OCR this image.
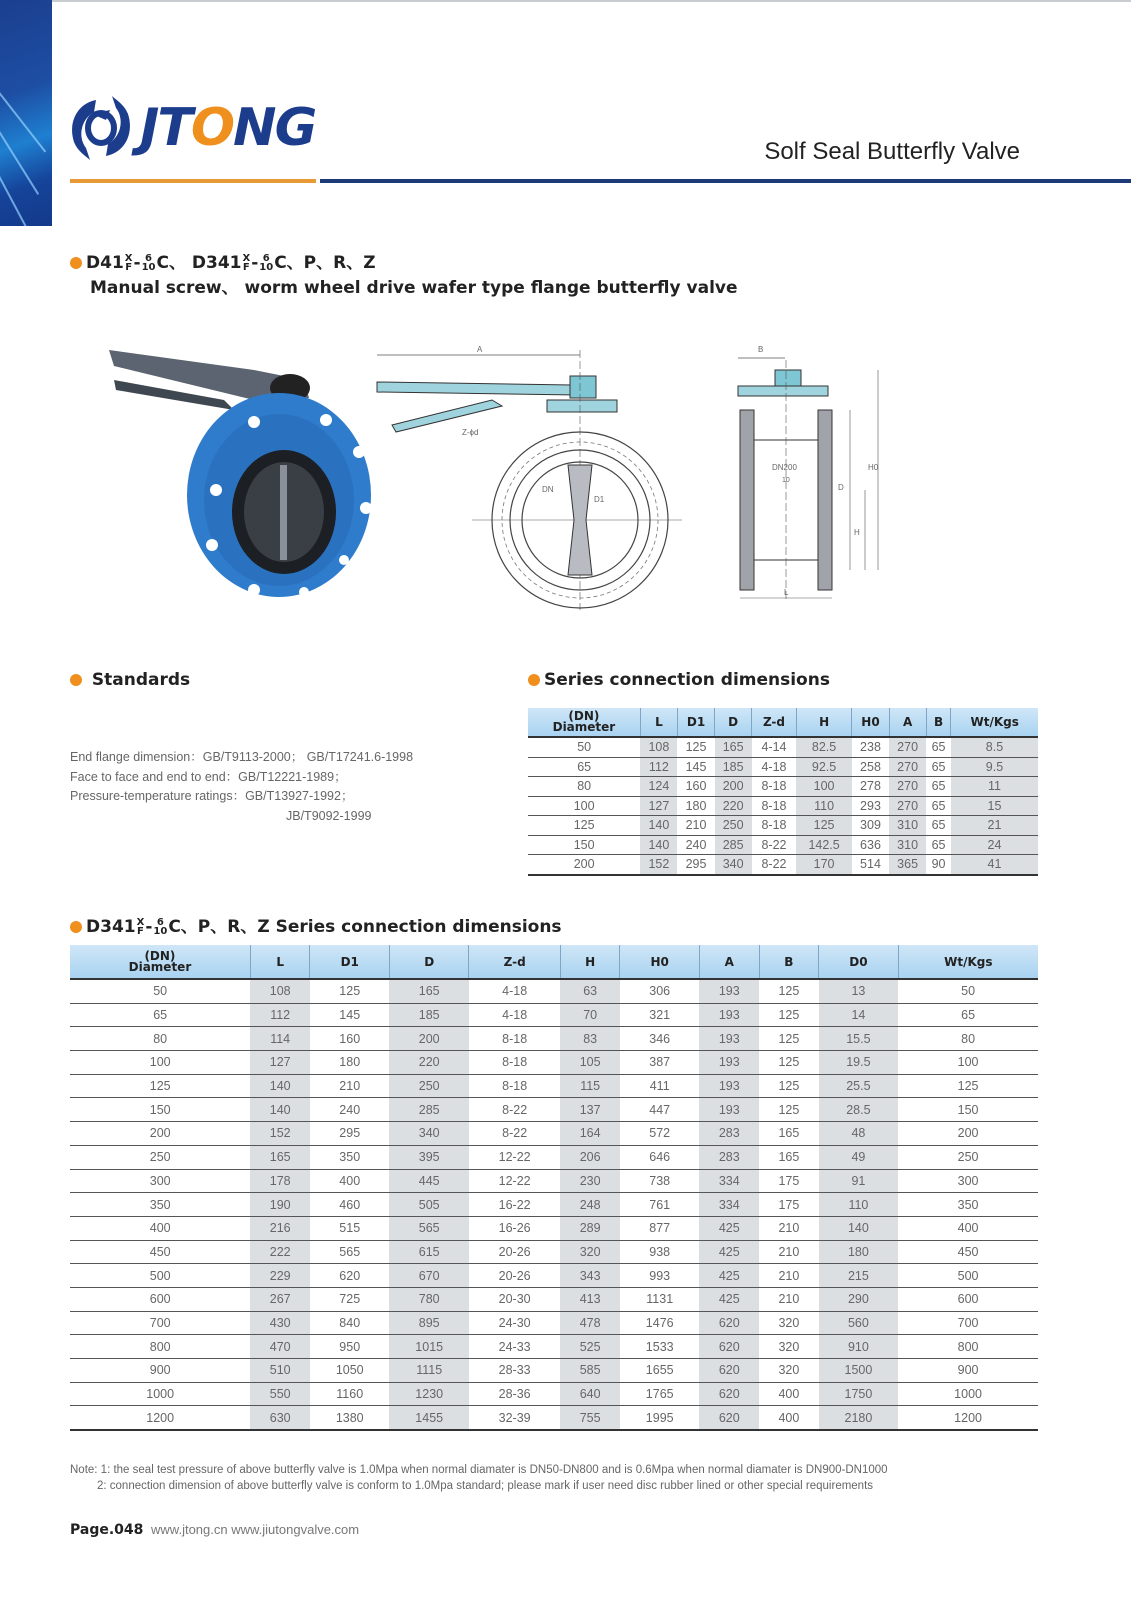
JTONG	Solf Seal Butterfly Valve
D41 X
F - 6
10 C、 D341 X
F - 6
10 C、P、R、Z
Manual screw、 worm wheel drive wafer type flange butterfly valve
A
Z-ϕd
DN
D1
B
DN200
10
D
H0
H
L
Standards
End flange dimension：GB/T9113-2000； GB/T17241.6-1998
Face to face and end to end：GB/T12221-1989；
Pressure-temperature ratings：GB/T13927-1992；
JB/T9092-1999
Series connection dimensions
(DN)
Diameter	L	D1	D	Z-d	H	H0	A	B	Wt/Kgs
50	108	125	165	4-14	82.5	238	270	65	8.5
65	112	145	185	4-18	92.5	258	270	65	9.5
80	124	160	200	8-18	100	278	270	65	11
100	127	180	220	8-18	110	293	270	65	15
125	140	210	250	8-18	125	309	310	65	21
150	140	240	285	8-22	142.5	636	310	65	24
200	152	295	340	8-22	170	514	365	90	41
D341 X
F - 6
10 C、P、R、Z Series connection dimensions
(DN)
Diameter	L	D1	D	Z-d	H	H0	A	B	D0	Wt/Kgs
50	108	125	165	4-18	63	306	193	125	13	50
65	112	145	185	4-18	70	321	193	125	14	65
80	114	160	200	8-18	83	346	193	125	15.5	80
100	127	180	220	8-18	105	387	193	125	19.5	100
125	140	210	250	8-18	115	411	193	125	25.5	125
150	140	240	285	8-22	137	447	193	125	28.5	150
200	152	295	340	8-22	164	572	283	165	48	200
250	165	350	395	12-22	206	646	283	165	49	250
300	178	400	445	12-22	230	738	334	175	91	300
350	190	460	505	16-22	248	761	334	175	110	350
400	216	515	565	16-26	289	877	425	210	140	400
450	222	565	615	20-26	320	938	425	210	180	450
500	229	620	670	20-26	343	993	425	210	215	500
600	267	725	780	20-30	413	1131	425	210	290	600
700	430	840	895	24-30	478	1476	620	320	560	700
800	470	950	1015	24-33	525	1533	620	320	910	800
900	510	1050	1115	28-33	585	1655	620	320	1500	900
1000	550	1160	1230	28-36	640	1765	620	400	1750	1000
1200	630	1380	1455	32-39	755	1995	620	400	2180	1200
Note: 1: the seal test pressure of above butterfly valve is 1.0Mpa when normal diamater is DN50-DN800 and is 0.6Mpa when normal diamater is DN900-DN1000
2: connection dimension of above butterfly valve is conform to 1.0Mpa standard; please mark if user need disc rubber lined or other special requirements
Page.048 www.jtong.cn www.jiutongvalve.com
